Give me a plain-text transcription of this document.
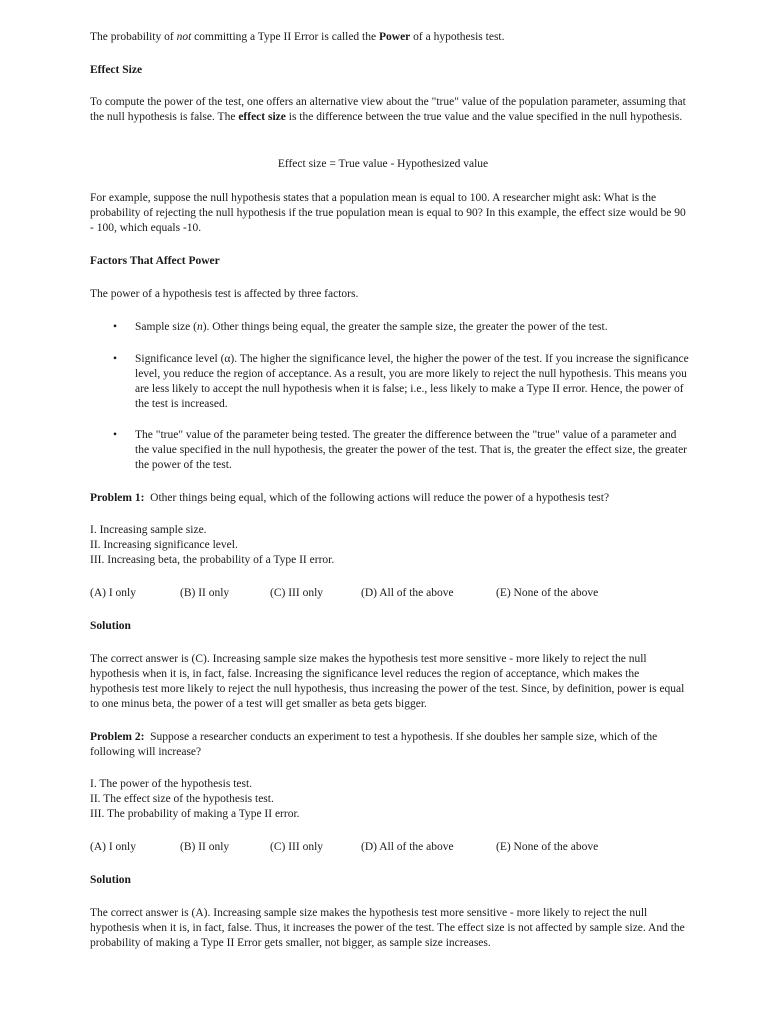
The probability of not committing a Type II Error is called the Power of a hypothesis test.

Effect Size

To compute the power of the test, one offers an alternative view about the "true" value of the population parameter, assuming that the null hypothesis is false. The effect size is the difference between the true value and the value specified in the null hypothesis.

Effect size = True value - Hypothesized value

For example, suppose the null hypothesis states that a population mean is equal to 100. A researcher might ask: What is the probability of rejecting the null hypothesis if the true population mean is equal to 90? In this example, the effect size would be 90 - 100, which equals -10.

Factors That Affect Power

The power of a hypothesis test is affected by three factors.

• Sample size (n). Other things being equal, the greater the sample size, the greater the power of the test.
• Significance level (α). The higher the significance level, the higher the power of the test. If you increase the significance level, you reduce the region of acceptance. As a result, you are more likely to reject the null hypothesis. This means you are less likely to accept the null hypothesis when it is false; i.e., less likely to make a Type II error. Hence, the power of the test is increased.
• The "true" value of the parameter being tested. The greater the difference between the "true" value of a parameter and the value specified in the null hypothesis, the greater the power of the test. That is, the greater the effect size, the greater the power of the test.

Problem 1:  Other things being equal, which of the following actions will reduce the power of a hypothesis test?

I. Increasing sample size.
II. Increasing significance level.
III. Increasing beta, the probability of a Type II error.
(A) I only	(B) II only	(C) III only	(D) All of the above	(E) None of the above

Solution

The correct answer is (C). Increasing sample size makes the hypothesis test more sensitive - more likely to reject the null hypothesis when it is, in fact, false. Increasing the significance level reduces the region of acceptance, which makes the hypothesis test more likely to reject the null hypothesis, thus increasing the power of the test. Since, by definition, power is equal to one minus beta, the power of a test will get smaller as beta gets bigger.

Problem 2:  Suppose a researcher conducts an experiment to test a hypothesis. If she doubles her sample size, which of the following will increase?

I. The power of the hypothesis test.
II. The effect size of the hypothesis test.
III. The probability of making a Type II error.
(A) I only	(B) II only	(C) III only	(D) All of the above	(E) None of the above

Solution

The correct answer is (A). Increasing sample size makes the hypothesis test more sensitive - more likely to reject the null hypothesis when it is, in fact, false. Thus, it increases the power of the test. The effect size is not affected by sample size. And the probability of making a Type II Error gets smaller, not bigger, as sample size increases.
